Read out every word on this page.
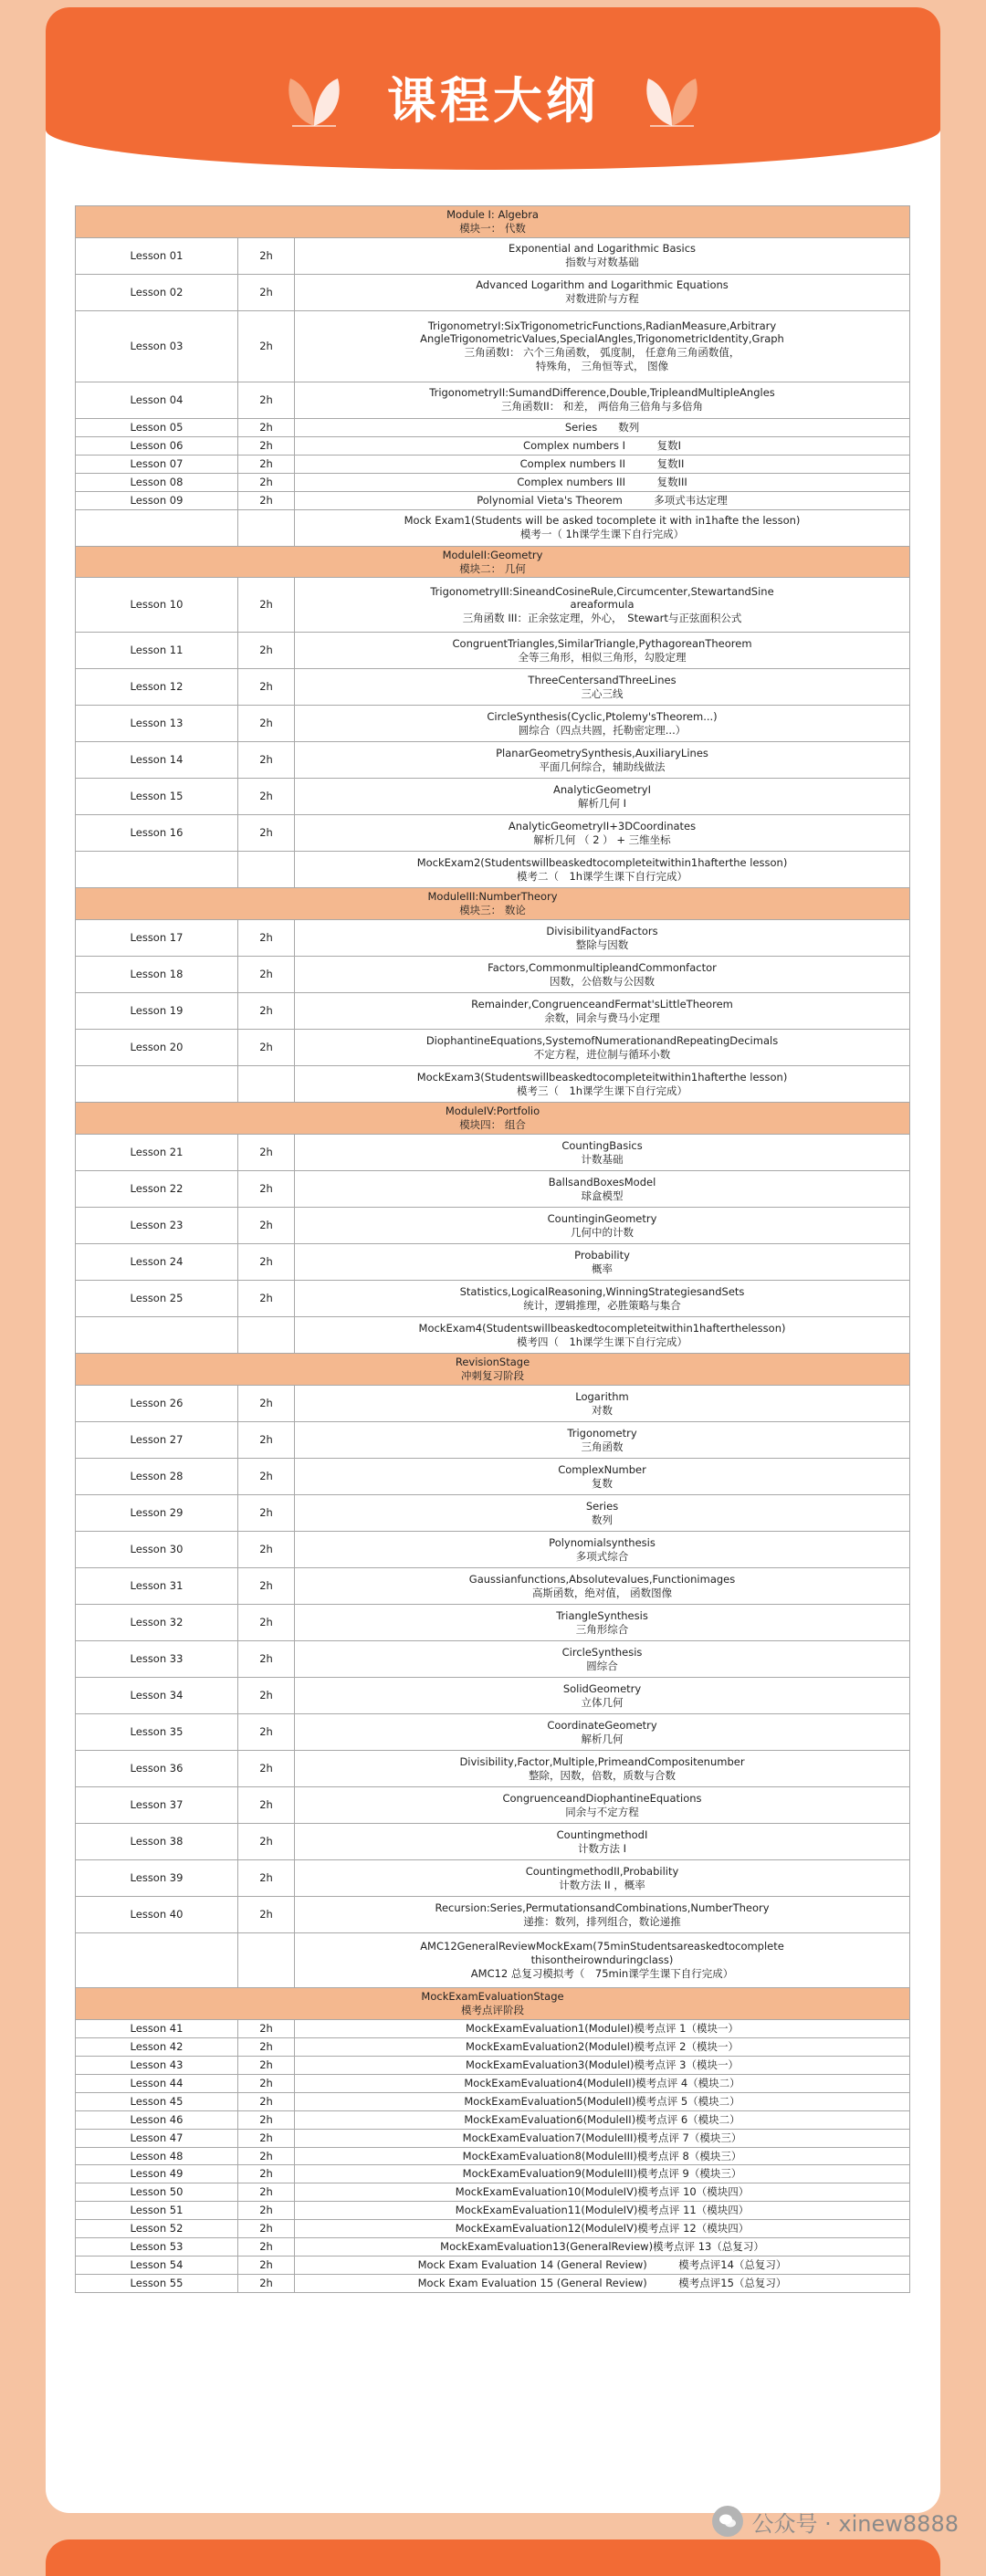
课程大纲
Module I: Algebra
模块一： 代数		

Lesson 01	2h	Exponential and Logarithmic Basics
指数与对数基础

Lesson 02	2h	Advanced Logarithm and Logarithmic Equations
对数进阶与方程

Lesson 03	2h	TrigonometryI:SixTrigonometricFunctions,RadianMeasure,Arbitrary
AngleTrigonometricValues,SpecialAngles,TrigonometricIdentity,Graph
三角函数I： 六个三角函数， 弧度制， 任意角三角函数值，
特殊角， 三角恒等式， 图像

Lesson 04	2h	TrigonometryII:SumandDifference,Double,TripleandMultipleAngles
三角函数II： 和差， 两倍角三倍角与多倍角

Lesson 05	2h	Series　　数列

Lesson 06	2h	Complex numbers I　　　复数I

Lesson 07	2h	Complex numbers II　　　复数II

Lesson 08	2h	Complex numbers III　　　复数III

Lesson 09	2h	Polynomial Vieta's Theorem　　　多项式韦达定理

		Mock Exam1(Students will be asked tocomplete it with in1hafte the lesson)
模考一（ 1h课学生课下自行完成）

ModuleII:Geometry
模块二： 几何		

Lesson 10	2h	TrigonometryIII:SineandCosineRule,Circumcenter,StewartandSine
areaformula
三角函数 III：正余弦定理，外心，　Stewart与正弦面积公式

Lesson 11	2h	CongruentTriangles,SimilarTriangle,PythagoreanTheorem
全等三角形，相似三角形，勾股定理

Lesson 12	2h	ThreeCentersandThreeLines
三心三线

Lesson 13	2h	CircleSynthesis(Cyclic,Ptolemy'sTheorem...)
圆综合（四点共圆，托勒密定理...）

Lesson 14	2h	PlanarGeometrySynthesis,AuxiliaryLines
平面几何综合，辅助线做法

Lesson 15	2h	AnalyticGeometryI
解析几何 I

Lesson 16	2h	AnalyticGeometryII+3DCoordinates
解析几何 （ 2 ） + 三维坐标

		MockExam2(Studentswillbeaskedtocompleteitwithin1hafterthe lesson)
模考二（　1h课学生课下自行完成）

ModuleIII:NumberTheory
模块三： 数论		

Lesson 17	2h	DivisibilityandFactors
整除与因数

Lesson 18	2h	Factors,CommonmultipleandCommonfactor
因数，公倍数与公因数

Lesson 19	2h	Remainder,CongruenceandFermat'sLittleTheorem
余数，同余与费马小定理

Lesson 20	2h	DiophantineEquations,SystemofNumerationandRepeatingDecimals
不定方程，进位制与循环小数

		MockExam3(Studentswillbeaskedtocompleteitwithin1hafterthe lesson)
模考三（　1h课学生课下自行完成）

ModuleIV:Portfolio
模块四： 组合		

Lesson 21	2h	CountingBasics
计数基础

Lesson 22	2h	BallsandBoxesModel
球盒模型

Lesson 23	2h	CountinginGeometry
几何中的计数

Lesson 24	2h	Probability
概率

Lesson 25	2h	Statistics,LogicalReasoning,WinningStrategiesandSets
统计，逻辑推理，必胜策略与集合

		MockExam4(Studentswillbeaskedtocompleteitwithin1hafterthelesson)
模考四（　1h课学生课下自行完成）

RevisionStage
冲刺复习阶段		

Lesson 26	2h	Logarithm
对数

Lesson 27	2h	Trigonometry
三角函数

Lesson 28	2h	ComplexNumber
复数

Lesson 29	2h	Series
数列

Lesson 30	2h	Polynomialsynthesis
多项式综合

Lesson 31	2h	Gaussianfunctions,Absolutevalues,Functionimages
高斯函数，绝对值， 函数图像

Lesson 32	2h	TriangleSynthesis
三角形综合

Lesson 33	2h	CircleSynthesis
圆综合

Lesson 34	2h	SolidGeometry
立体几何

Lesson 35	2h	CoordinateGeometry
解析几何

Lesson 36	2h	Divisibility,Factor,Multiple,PrimeandCompositenumber
整除，因数，倍数，质数与合数

Lesson 37	2h	CongruenceandDiophantineEquations
同余与不定方程

Lesson 38	2h	CountingmethodI
计数方法 I

Lesson 39	2h	CountingmethodII,Probability
计数方法 II ，概率

Lesson 40	2h	Recursion:Series,PermutationsandCombinations,NumberTheory
递推：数列，排列组合，数论递推

		AMC12GeneralReviewMockExam(75minStudentsareaskedtocomplete
thisontheirownduringclass)
AMC12 总复习模拟考（　75min课学生课下自行完成）

MockExamEvaluationStage
模考点评阶段		

Lesson 41	2h	MockExamEvaluation1(ModuleI)模考点评 1（模块一）

Lesson 42	2h	MockExamEvaluation2(ModuleI)模考点评 2（模块一）

Lesson 43	2h	MockExamEvaluation3(ModuleI)模考点评 3（模块一）

Lesson 44	2h	MockExamEvaluation4(ModuleII)模考点评 4（模块二）

Lesson 45	2h	MockExamEvaluation5(ModuleII)模考点评 5（模块二）

Lesson 46	2h	MockExamEvaluation6(ModuleII)模考点评 6（模块二）

Lesson 47	2h	MockExamEvaluation7(ModuleIII)模考点评 7（模块三）

Lesson 48	2h	MockExamEvaluation8(ModuleIII)模考点评 8（模块三）

Lesson 49	2h	MockExamEvaluation9(ModuleIII)模考点评 9（模块三）

Lesson 50	2h	MockExamEvaluation10(ModuleIV)模考点评 10（模块四）

Lesson 51	2h	MockExamEvaluation11(ModuleIV)模考点评 11（模块四）

Lesson 52	2h	MockExamEvaluation12(ModuleIV)模考点评 12（模块四）

Lesson 53	2h	MockExamEvaluation13(GeneralReview)模考点评 13（总复习）

Lesson 54	2h	Mock Exam Evaluation 14 (General Review)　　　模考点评14（总复习）

Lesson 55	2h	Mock Exam Evaluation 15 (General Review)　　　模考点评15（总复习）
公众号 · xinew8888
